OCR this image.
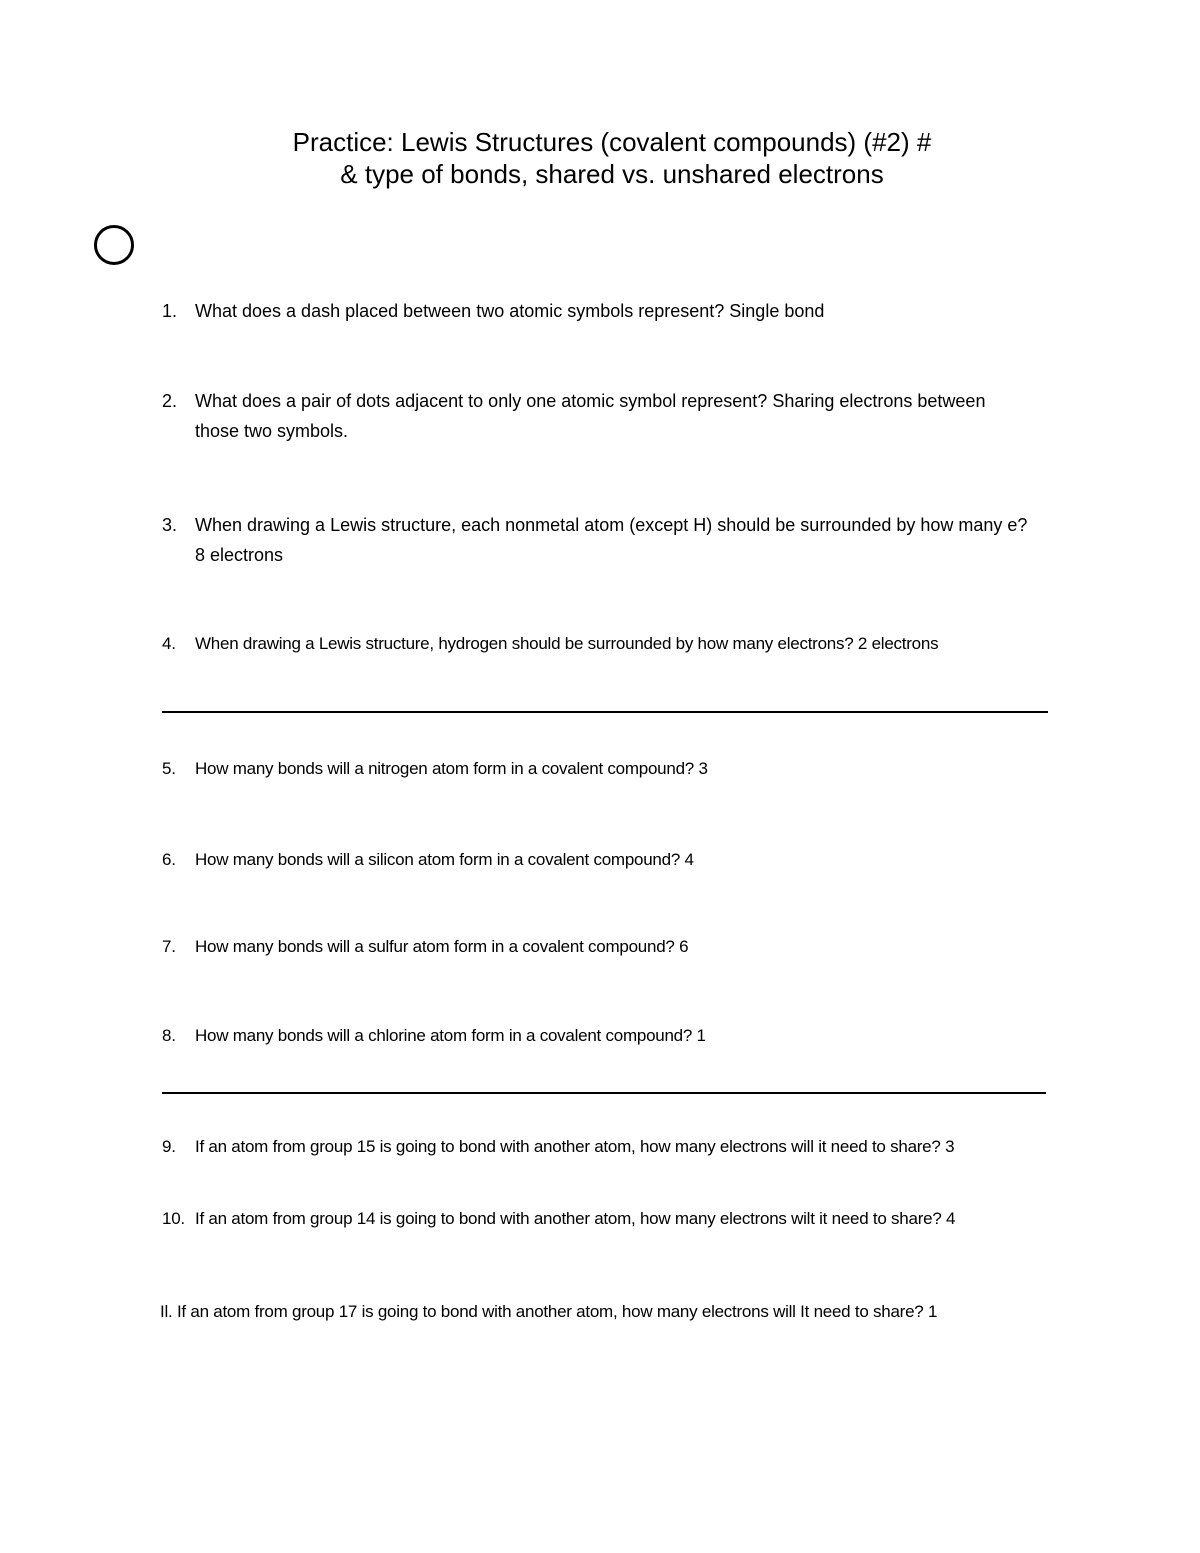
Practice: Lewis Structures (covalent compounds) (#2) #
& type of bonds, shared vs. unshared electrons
1. What does a dash placed between two atomic symbols represent? Single bond
2. What does a pair of dots adjacent to only one atomic symbol represent? Sharing electrons between those two symbols.
3. When drawing a Lewis structure, each nonmetal atom (except H) should be surrounded by how many e? 8 electrons
4. When drawing a Lewis structure, hydrogen should be surrounded by how many electrons? 2 electrons
5. How many bonds will a nitrogen atom form in a covalent compound? 3
6. How many bonds will a silicon atom form in a covalent compound? 4
7. How many bonds will a sulfur atom form in a covalent compound? 6
8. How many bonds will a chlorine atom form in a covalent compound? 1
9. If an atom from group 15 is going to bond with another atom, how many electrons will it need to share? 3
10. If an atom from group 14 is going to bond with another atom, how many electrons wilt it need to share? 4
Il. If an atom from group 17 is going to bond with another atom, how many electrons will It need to share? 1
